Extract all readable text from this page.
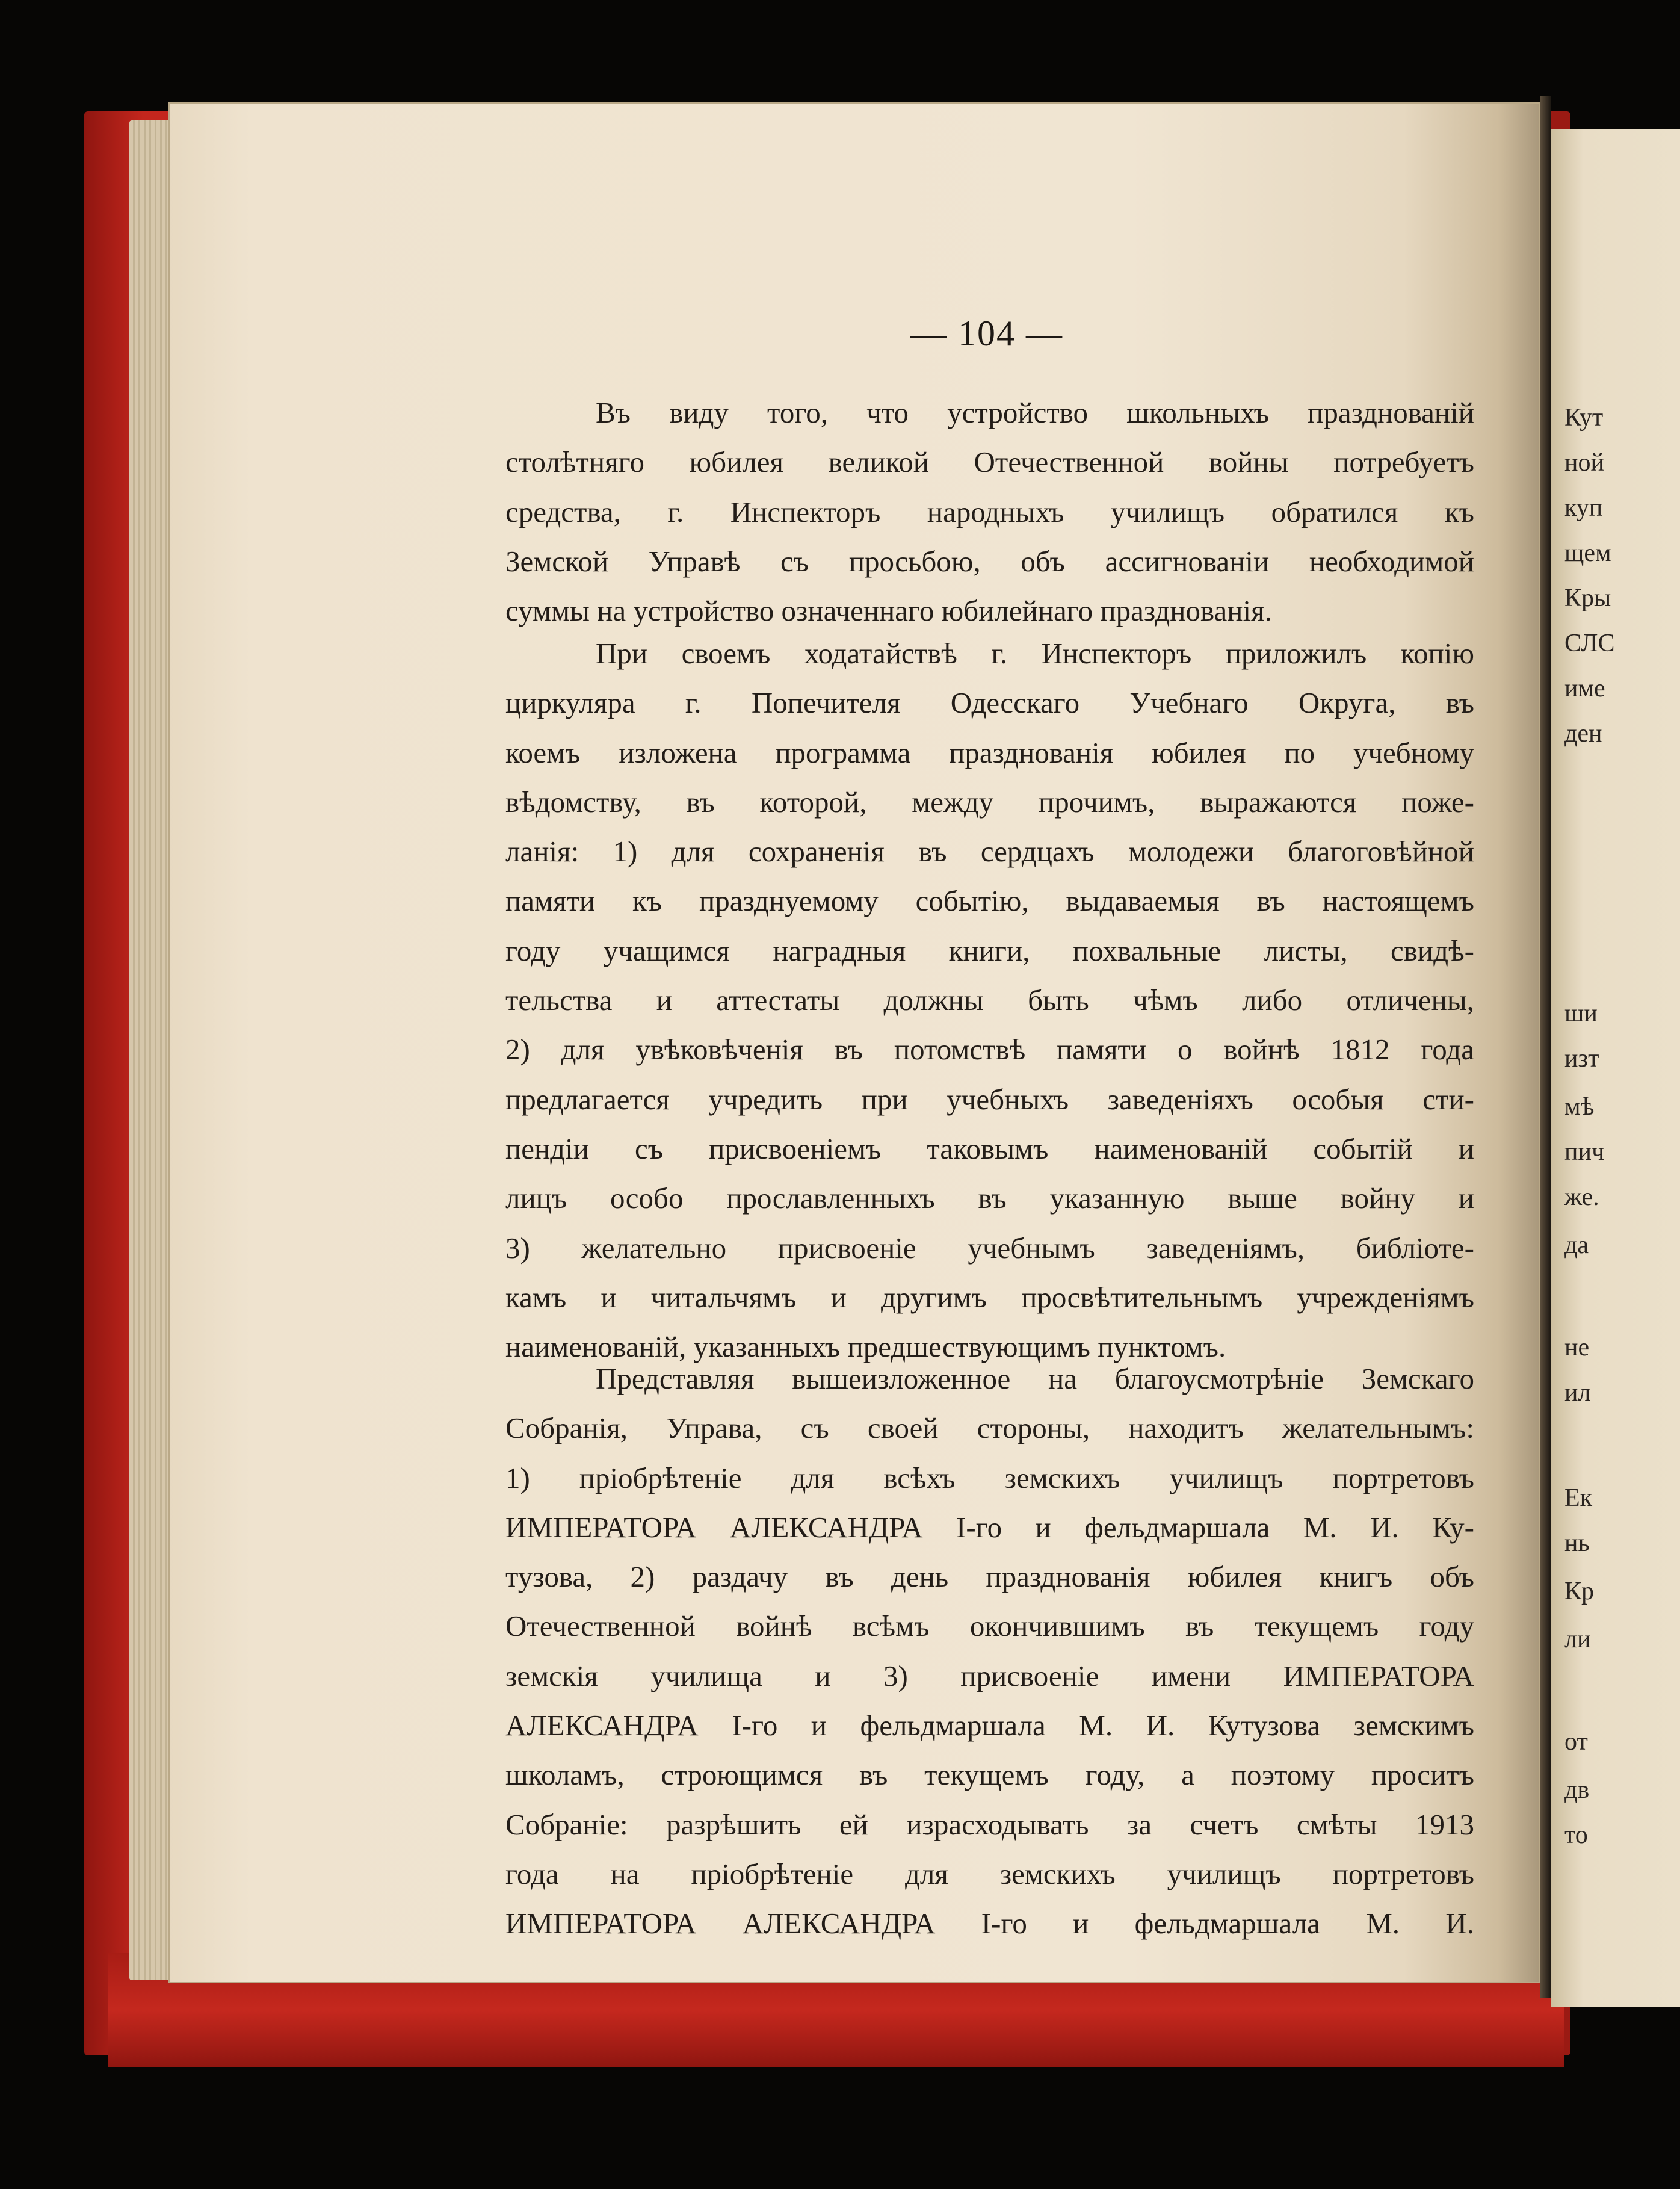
Кут
ной
куп
щем
Кры
СЛС
име
ден
ши
изт
мѣ
пич
же.
да
не
ил
Ек
нь
Кр
ли
от
дв
то
— 104 —
Въ виду того, что устройство школьныхъ празднованій
столѣтняго юбилея великой Отечественной войны потребуетъ
средства, г. Инспекторъ народныхъ училищъ обратился къ
Земской Управѣ съ просьбою, объ ассигнованіи необходимой
суммы на устройство означеннаго юбилейнаго празднованія.
При своемъ ходатайствѣ г. Инспекторъ приложилъ копію
циркуляра г. Попечителя Одесскаго Учебнаго Округа, въ
коемъ изложена программа празднованія юбилея по учебному
вѣдомству, въ которой, между прочимъ, выражаются поже-
ланія: 1) для сохраненія въ сердцахъ молодежи благоговѣйной
памяти къ празднуемому событію, выдаваемыя въ настоящемъ
году учащимся наградныя книги, похвальные листы, свидѣ-
тельства и аттестаты должны быть чѣмъ либо отличены,
2) для увѣковѣченія въ потомствѣ памяти о войнѣ 1812 года
предлагается учредить при учебныхъ заведеніяхъ особыя сти-
пендіи съ присвоеніемъ таковымъ наименованій событій и
лицъ особо прославленныхъ въ указанную выше войну и
3) желательно присвоеніе учебнымъ заведеніямъ, библіоте-
камъ и читальчямъ и другимъ просвѣтительнымъ учрежденіямъ
наименованій, указанныхъ предшествующимъ пунктомъ.
Представляя вышеизложенное на благоусмотрѣніе Земскаго
Собранія, Управа, съ своей стороны, находитъ желательнымъ:
1) пріобрѣтеніе для всѣхъ земскихъ училищъ портретовъ
ИМПЕРАТОРА АЛЕКСАНДРА I-го и фельдмаршала М. И. Ку-
тузова, 2) раздачу въ день празднованія юбилея книгъ объ
Отечественной войнѣ всѣмъ окончившимъ въ текущемъ году
земскія училища и 3) присвоеніе имени ИМПЕРАТОРА
АЛЕКСАНДРА I-го и фельдмаршала М. И. Кутузова земскимъ
школамъ, строющимся въ текущемъ году, а поэтому проситъ
Собраніе: разрѣшить ей израсходывать за счетъ смѣты 1913
года на пріобрѣтеніе для земскихъ училищъ портретовъ
ИМПЕРАТОРА АЛЕКСАНДРА I-го и фельдмаршала М. И.
